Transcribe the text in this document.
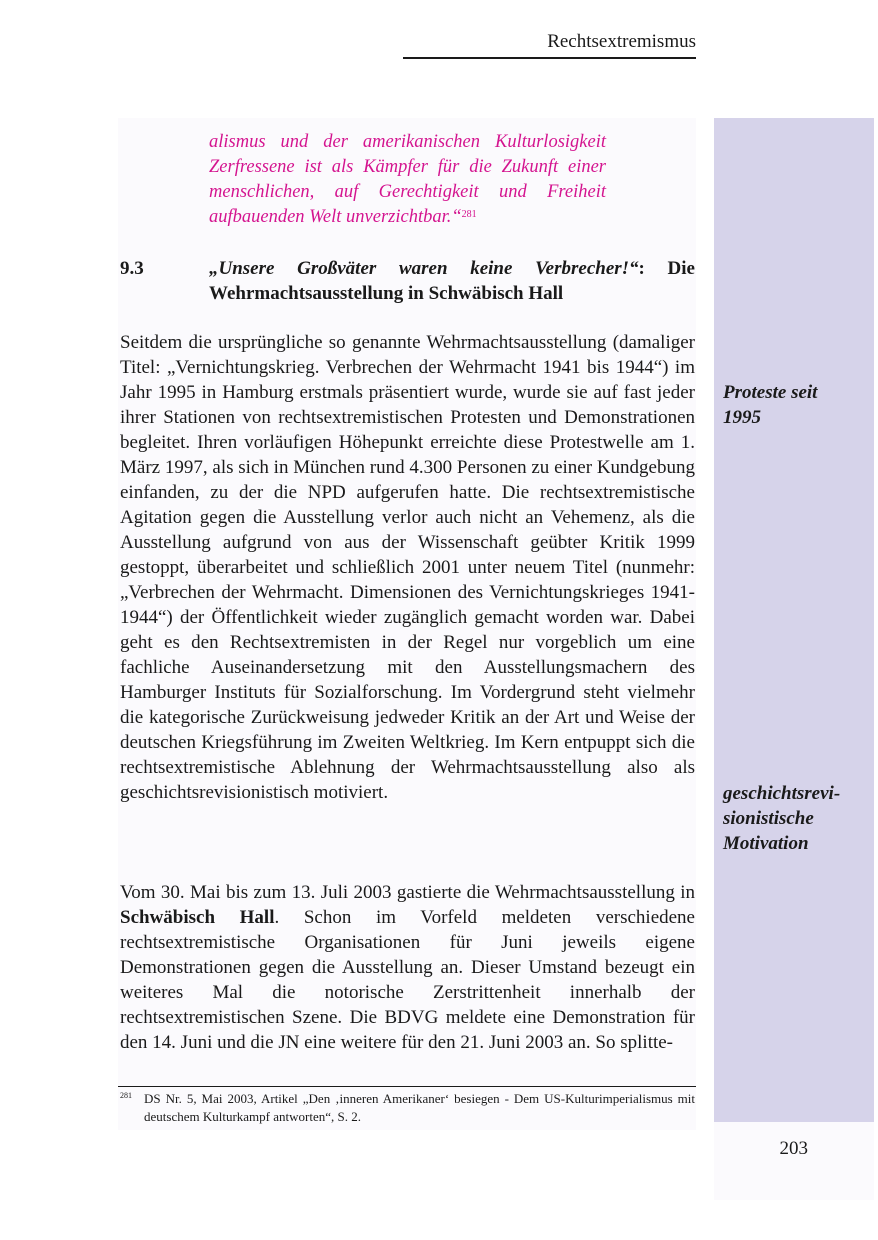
Rechtsextremismus

alismus und der amerikanischen Kulturlosigkeit Zerfressene ist als Kämpfer für die Zukunft einer menschlichen, auf Gerechtigkeit und Freiheit aufbauenden Welt unverzichtbar.“$^{281}$

9.3	„Unsere Großväter waren keine Verbrecher!“: Die Wehrmachtsausstellung in Schwäbisch Hall

Seitdem die ursprüngliche so genannte Wehrmachtsausstellung (damaliger Titel: „Vernichtungskrieg. Verbrechen der Wehrmacht 1941 bis 1944“) im Jahr 1995 in Hamburg erstmals präsentiert wurde, wurde sie auf fast jeder ihrer Stationen von rechtsextremistischen Protesten und Demonstrationen begleitet. Ihren vorläufigen Höhepunkt erreichte diese Protestwelle am 1. März 1997, als sich in München rund 4.300 Personen zu einer Kundgebung einfanden, zu der die NPD aufgerufen hatte. Die rechtsextremistische Agitation gegen die Ausstellung verlor auch nicht an Vehemenz, als die Ausstellung aufgrund von aus der Wissenschaft geübter Kritik 1999 gestoppt, überarbeitet und schließlich 2001 unter neuem Titel (nunmehr: „Verbrechen der Wehrmacht. Dimensionen des Vernichtungskrieges 1941-1944“) der Öffentlichkeit wieder zugänglich gemacht worden war. Dabei geht es den Rechtsextremisten in der Regel nur vorgeblich um eine fachliche Auseinandersetzung mit den Ausstellungsmachern des Hamburger Instituts für Sozialforschung. Im Vordergrund steht vielmehr die kategorische Zurückweisung jedweder Kritik an der Art und Weise der deutschen Kriegsführung im Zweiten Weltkrieg. Im Kern entpuppt sich die rechtsextremistische Ablehnung der Wehrmachtsausstellung also als geschichtsrevisionistisch motiviert.

Vom 30. Mai bis zum 13. Juli 2003 gastierte die Wehrmachtsausstellung in Schwäbisch Hall. Schon im Vorfeld meldeten verschiedene rechtsextremistische Organisationen für Juni jeweils eigene Demonstrationen gegen die Ausstellung an. Dieser Umstand bezeugt ein weiteres Mal die notorische Zerstrittenheit innerhalb der rechtsextremistischen Szene. Die BDVG meldete eine Demonstration für den 14. Juni und die JN eine weitere für den 21. Juni 2003 an. So splitte-

Proteste seit
1995
geschichtsrevi-
sionistische
Motivation
281 DS Nr. 5, Mai 2003, Artikel „Den ‚inneren Amerikaner‘ besiegen - Dem US-Kulturimperialismus mit deutschem Kulturkampf antworten“, S. 2.
203
